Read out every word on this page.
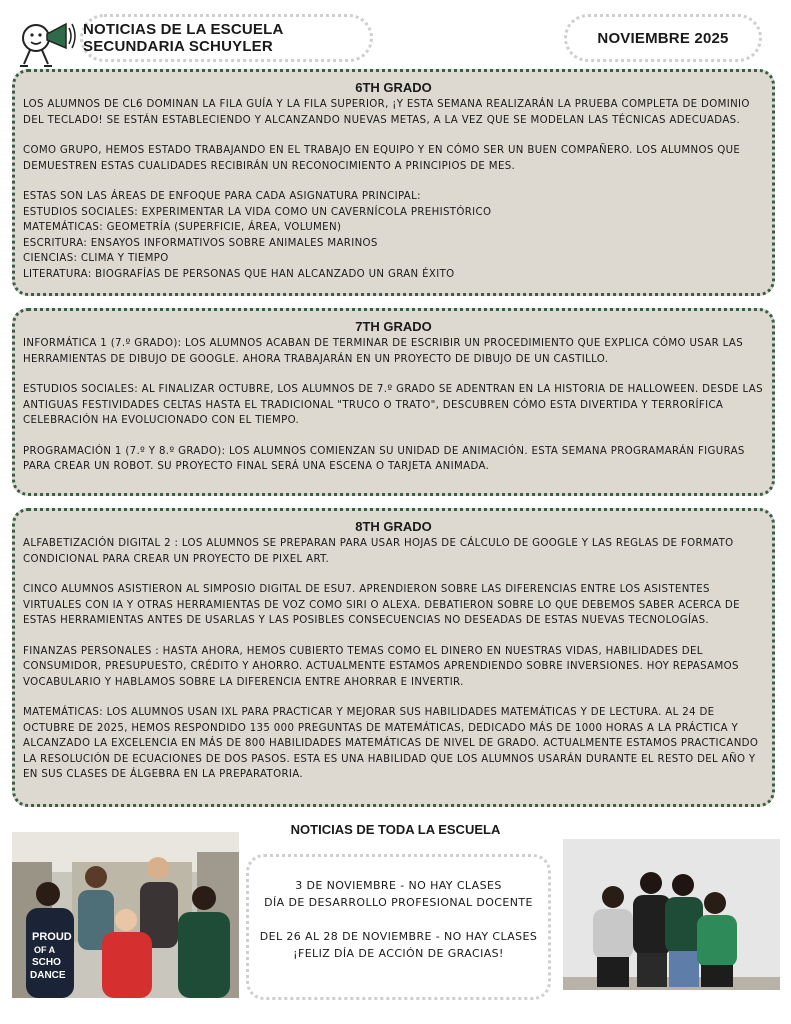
NOTICIAS DE LA ESCUELA SECUNDARIA SCHUYLER	NOVIEMBRE 2025
6TH GRADO

LOS ALUMNOS DE CL6 DOMINAN LA FILA GUÍA Y LA FILA SUPERIOR, ¡Y ESTA SEMANA REALIZARÁN LA PRUEBA COMPLETA DE DOMINIO DEL TECLADO! SE ESTÁN ESTABLECIENDO Y ALCANZANDO NUEVAS METAS, A LA VEZ QUE SE MODELAN LAS TÉCNICAS ADECUADAS.

COMO GRUPO, HEMOS ESTADO TRABAJANDO EN EL TRABAJO EN EQUIPO Y EN CÓMO SER UN BUEN COMPAÑERO. LOS ALUMNOS QUE DEMUESTREN ESTAS CUALIDADES RECIBIRÁN UN RECONOCIMIENTO A PRINCIPIOS DE MES.

ESTAS SON LAS ÁREAS DE ENFOQUE PARA CADA ASIGNATURA PRINCIPAL:
ESTUDIOS SOCIALES: EXPERIMENTAR LA VIDA COMO UN CAVERNÍCOLA PREHISTÓRICO
MATEMÁTICAS: GEOMETRÍA (SUPERFICIE, ÁREA, VOLUMEN)
ESCRITURA: ENSAYOS INFORMATIVOS SOBRE ANIMALES MARINOS
CIENCIAS: CLIMA Y TIEMPO
LITERATURA: BIOGRAFÍAS DE PERSONAS QUE HAN ALCANZADO UN GRAN ÉXITO

7TH GRADO

INFORMÁTICA 1 (7.º GRADO): LOS ALUMNOS ACABAN DE TERMINAR DE ESCRIBIR UN PROCEDIMIENTO QUE EXPLICA CÓMO USAR LAS HERRAMIENTAS DE DIBUJO DE GOOGLE. AHORA TRABAJARÁN EN UN PROYECTO DE DIBUJO DE UN CASTILLO.

ESTUDIOS SOCIALES: AL FINALIZAR OCTUBRE, LOS ALUMNOS DE 7.º GRADO SE ADENTRAN EN LA HISTORIA DE HALLOWEEN. DESDE LAS ANTIGUAS FESTIVIDADES CELTAS HASTA EL TRADICIONAL "TRUCO O TRATO", DESCUBREN CÓMO ESTA DIVERTIDA Y TERRORÍFICA CELEBRACIÓN HA EVOLUCIONADO CON EL TIEMPO.

PROGRAMACIÓN 1 (7.º Y 8.º GRADO): LOS ALUMNOS COMIENZAN SU UNIDAD DE ANIMACIÓN. ESTA SEMANA PROGRAMARÁN FIGURAS PARA CREAR UN ROBOT. SU PROYECTO FINAL SERÁ UNA ESCENA O TARJETA ANIMADA.

8TH GRADO

ALFABETIZACIÓN DIGITAL 2 : LOS ALUMNOS SE PREPARAN PARA USAR HOJAS DE CÁLCULO DE GOOGLE Y LAS REGLAS DE FORMATO CONDICIONAL PARA CREAR UN PROYECTO DE PIXEL ART.

CINCO ALUMNOS ASISTIERON AL SIMPOSIO DIGITAL DE ESU7. APRENDIERON SOBRE LAS DIFERENCIAS ENTRE LOS ASISTENTES VIRTUALES CON IA Y OTRAS HERRAMIENTAS DE VOZ COMO SIRI O ALEXA. DEBATIERON SOBRE LO QUE DEBEMOS SABER ACERCA DE ESTAS HERRAMIENTAS ANTES DE USARLAS Y LAS POSIBLES CONSECUENCIAS NO DESEADAS DE ESTAS NUEVAS TECNOLOGÍAS.

FINANZAS PERSONALES : HASTA AHORA, HEMOS CUBIERTO TEMAS COMO EL DINERO EN NUESTRAS VIDAS, HABILIDADES DEL CONSUMIDOR, PRESUPUESTO, CRÉDITO Y AHORRO. ACTUALMENTE ESTAMOS APRENDIENDO SOBRE INVERSIONES. HOY REPASAMOS VOCABULARIO Y HABLAMOS SOBRE LA DIFERENCIA ENTRE AHORRAR E INVERTIR.

MATEMÁTICAS: LOS ALUMNOS USAN IXL PARA PRACTICAR Y MEJORAR SUS HABILIDADES MATEMÁTICAS Y DE LECTURA. AL 24 DE OCTUBRE DE 2025, HEMOS RESPONDIDO 135 000 PREGUNTAS DE MATEMÁTICAS, DEDICADO MÁS DE 1000 HORAS A LA PRÁCTICA Y ALCANZADO LA EXCELENCIA EN MÁS DE 800 HABILIDADES MATEMÁTICAS DE NIVEL DE GRADO. ACTUALMENTE ESTAMOS PRACTICANDO LA RESOLUCIÓN DE ECUACIONES DE DOS PASOS. ESTA ES UNA HABILIDAD QUE LOS ALUMNOS USARÁN DURANTE EL RESTO DEL AÑO Y EN SUS CLASES DE ÁLGEBRA EN LA PREPARATORIA.

NOTICIAS DE TODA LA ESCUELA
PROUD
OF A
SCHO
DANCE
3 DE NOVIEMBRE - NO HAY CLASES
DÍA DE DESARROLLO PROFESIONAL DOCENTE
DEL 26 AL 28 DE NOVIEMBRE - NO HAY CLASES
¡FELIZ DÍA DE ACCIÓN DE GRACIAS!
